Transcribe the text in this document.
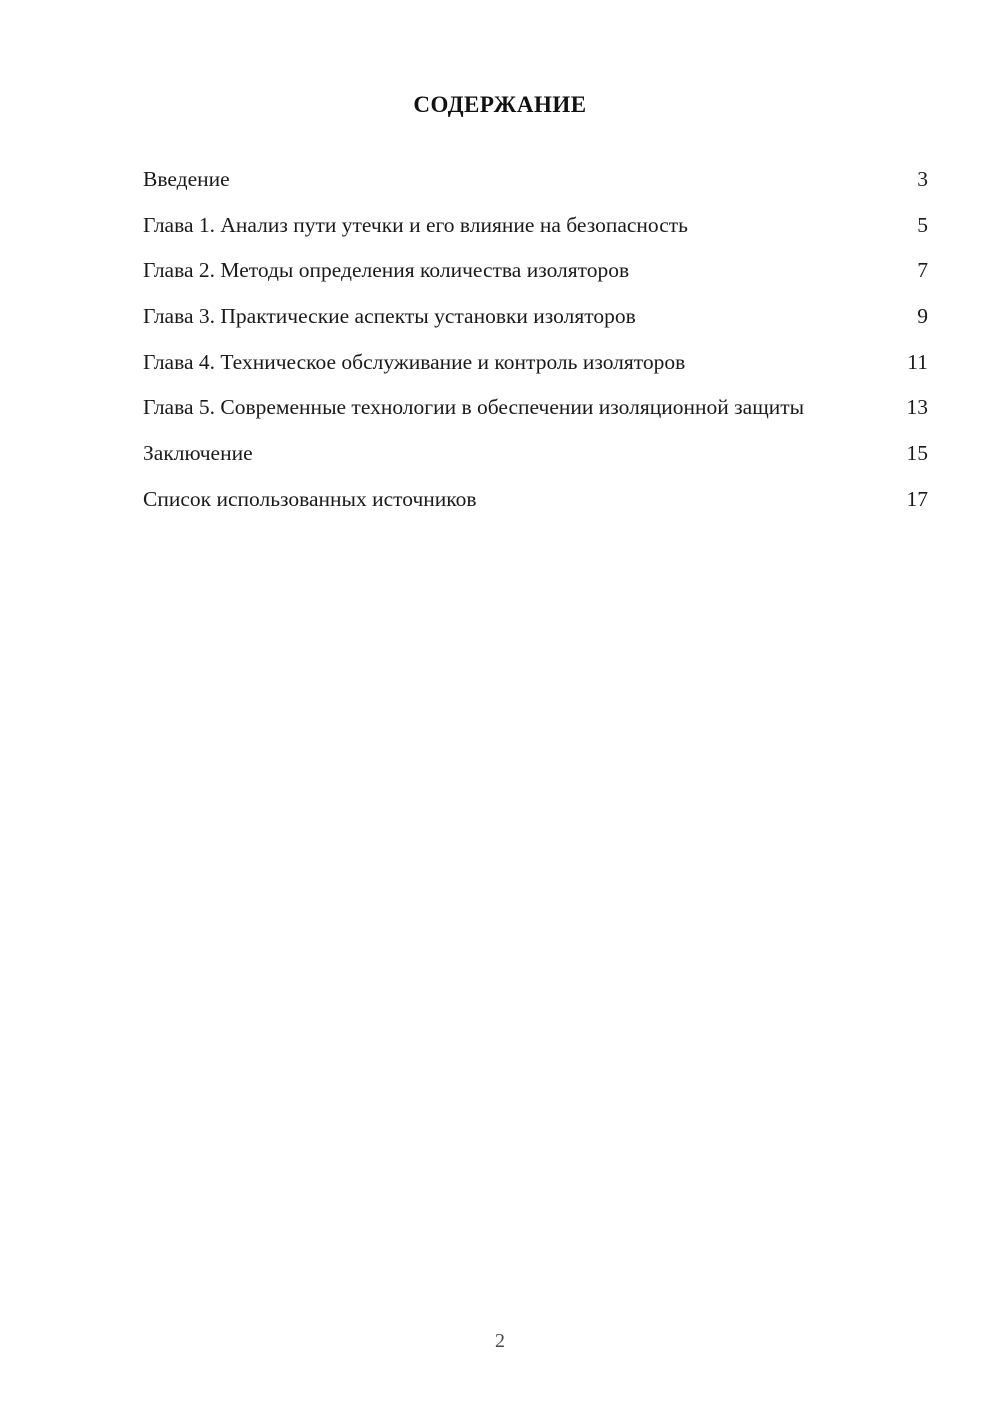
СОДЕРЖАНИЕ
Введение	3
Глава 1. Анализ пути утечки и его влияние на безопасность	5
Глава 2. Методы определения количества изоляторов	7
Глава 3. Практические аспекты установки изоляторов	9
Глава 4. Техническое обслуживание и контроль изоляторов	11
Глава 5. Современные технологии в обеспечении изоляционной защиты	13
Заключение	15
Список использованных источников	17
2
